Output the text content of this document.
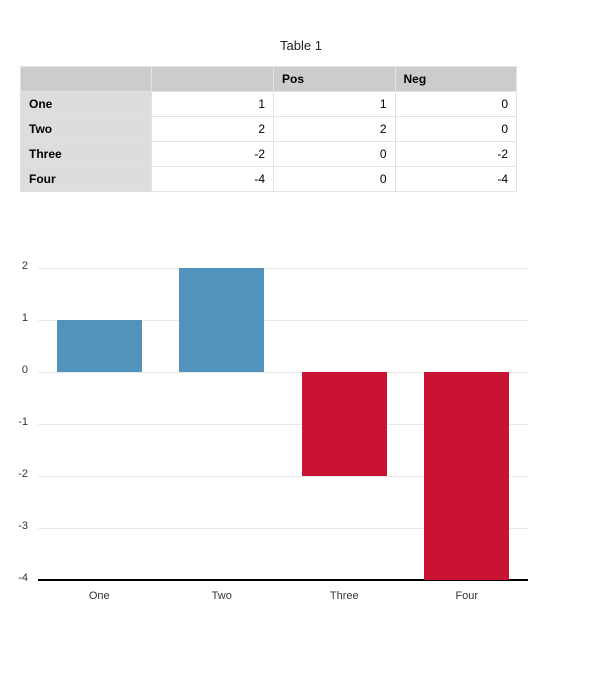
Table 1
		Pos	Neg
One	1	1	0
Two	2	2	0
Three	-2	0	-2
Four	-4	0	-4
2
1
0
-1
-2
-3
-4
One	Two	Three	Four
